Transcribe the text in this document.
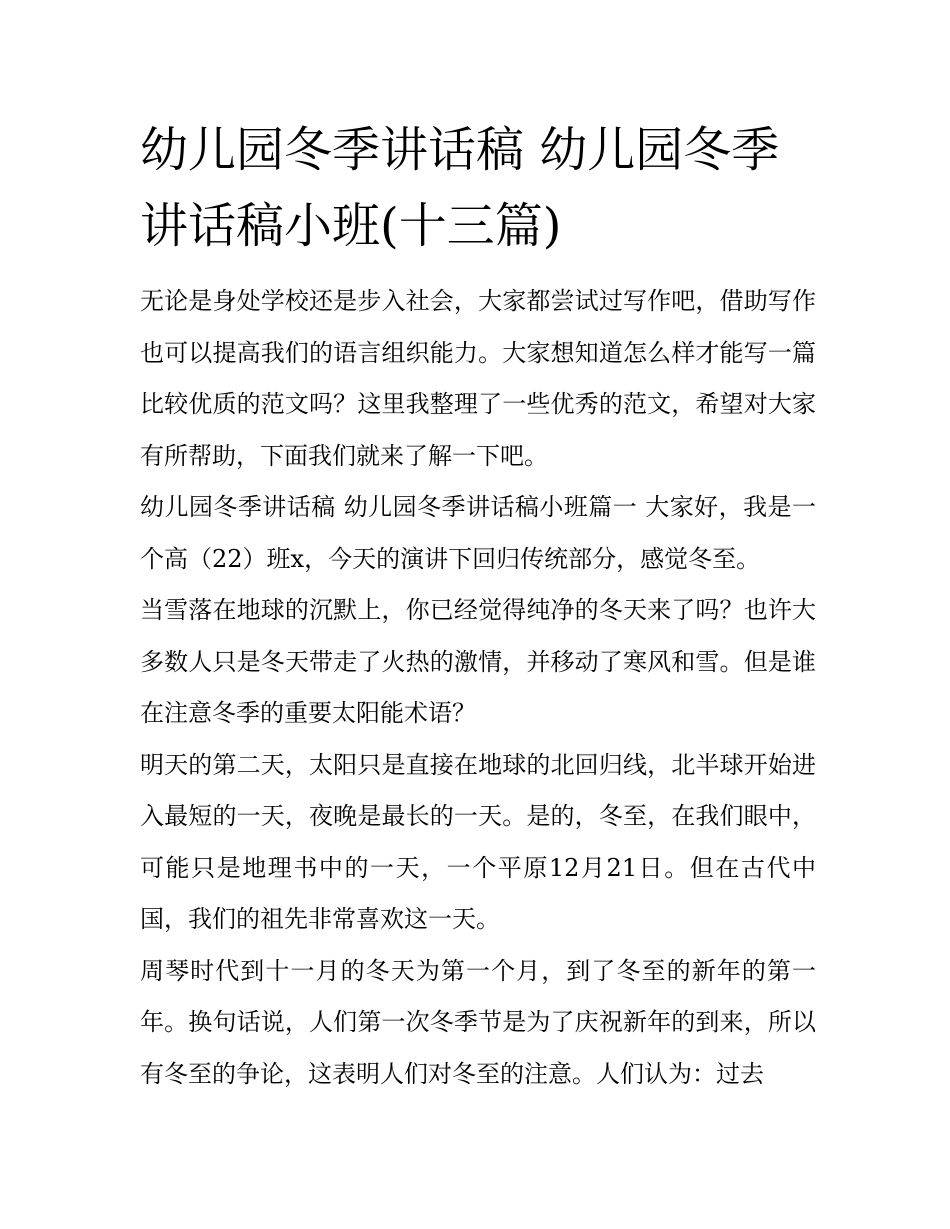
幼儿园冬季讲话稿 幼儿园冬季讲话稿小班(十三篇)

无论是身处学校还是步入社会，大家都尝试过写作吧，借助写作也可以提高我们的语言组织能力。大家想知道怎么样才能写一篇比较优质的范文吗？这里我整理了一些优秀的范文，希望对大家有所帮助，下面我们就来了解一下吧。

幼儿园冬季讲话稿 幼儿园冬季讲话稿小班篇一 大家好，我是一个高（22）班x，今天的演讲下回归传统部分，感觉冬至。

当雪落在地球的沉默上，你已经觉得纯净的冬天来了吗？也许大多数人只是冬天带走了火热的激情，并移动了寒风和雪。但是谁在注意冬季的重要太阳能术语？

明天的第二天，太阳只是直接在地球的北回归线，北半球开始进入最短的一天，夜晚是最长的一天。是的，冬至，在我们眼中，可能只是地理书中的一天，一个平原12月21日。但在古代中国，我们的祖先非常喜欢这一天。

周琴时代到十一月的冬天为第一个月，到了冬至的新年的第一年。换句话说，人们第一次冬季节是为了庆祝新年的到来，所以有冬至的争论，这表明人们对冬至的注意。人们认为：过去
